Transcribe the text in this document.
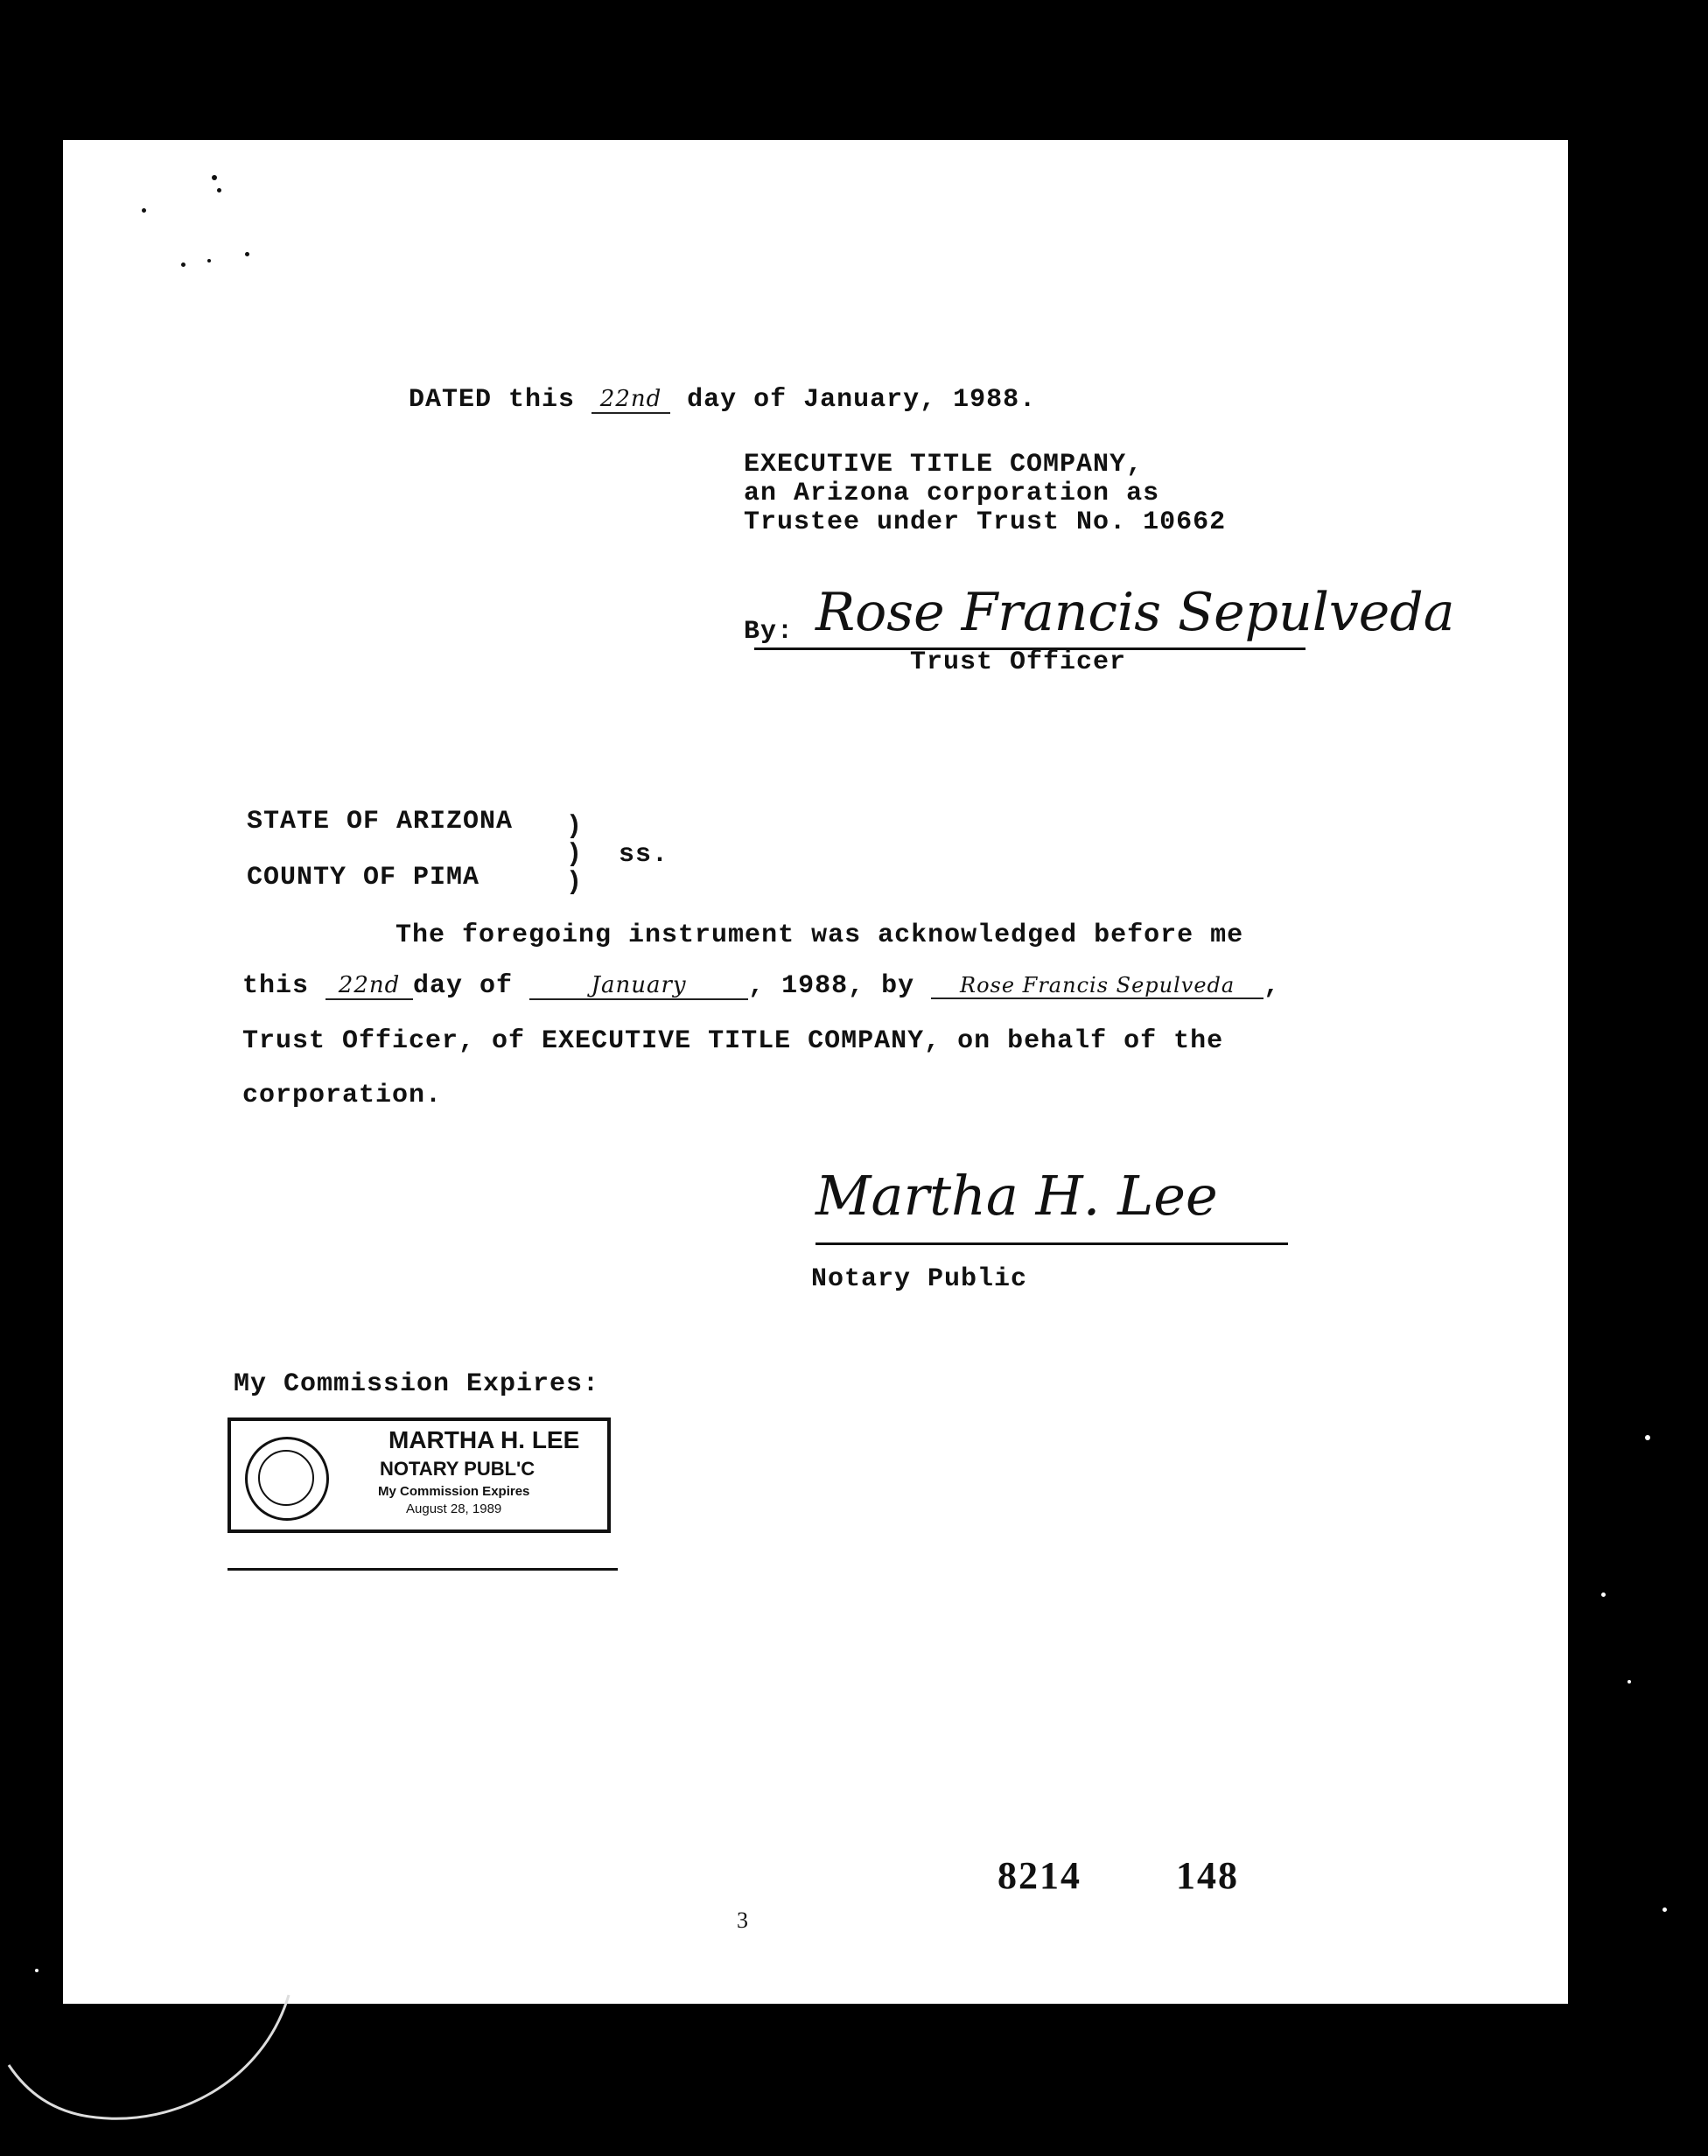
DATED this 22nd day of January, 1988.
EXECUTIVE TITLE COMPANY,
an Arizona corporation as
Trustee under Trust No. 10662
By: Rose Francis Sepulveda
Trust Officer
STATE OF ARIZONA
COUNTY OF PIMA
)
)
)
ss.
The foregoing instrument was acknowledged before me
this 22nd day of	January , 1988, by Rose Francis Sepulveda ,
Trust Officer, of EXECUTIVE TITLE COMPANY, on behalf of the
corporation.
Martha H. Lee
Notary Public
My Commission Expires:
MARTHA H. LEE
NOTARY PUBL'C
My Commission Expires
August 28, 1989
8214 148
3
